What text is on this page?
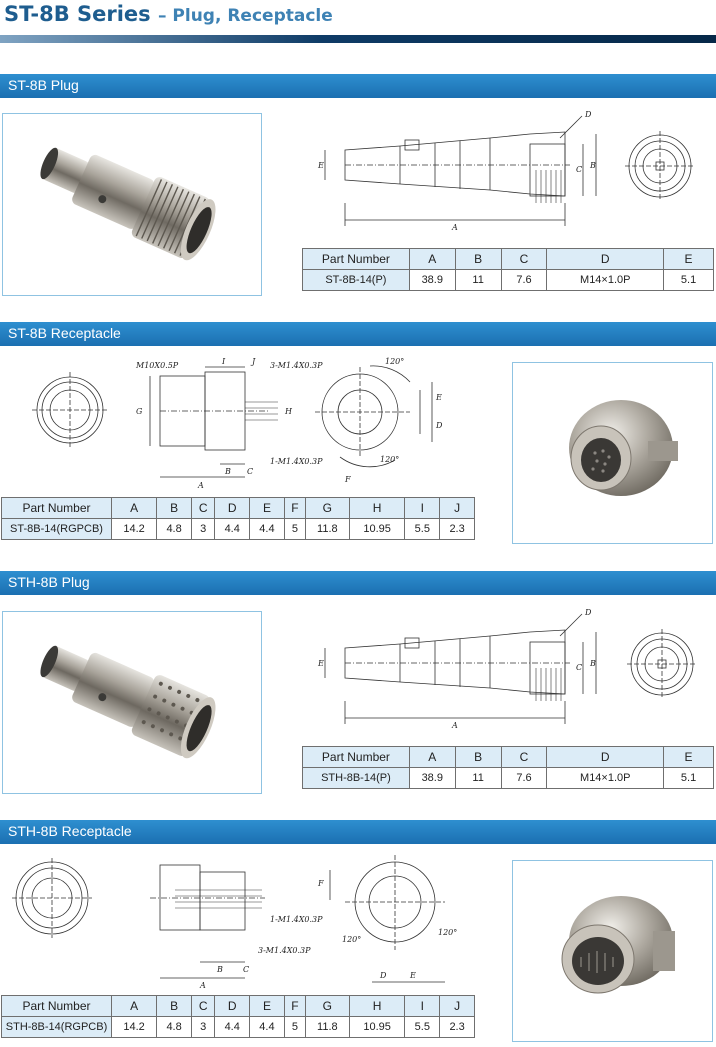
ST-8B Series – Plug, Receptacle
ST-8B Plug
D
C B
E
A
Part Number	A	B	C	D	E
ST-8B-14(P)	38.9	11	7.6	M14×1.0P	5.1
ST-8B Receptacle
M10X0.5P	I	J 3-M1.4X0.3P	120°
G	H
E
D
1-M1.4X0.3P	120°
B C
A
F
Part Number	A	B	C	D	E	F	G	H	I	J
ST-8B-14(RGPCB)	14.2	4.8	3	4.4	4.4	5	11.8	10.95	5.5	2.3
STH-8B Plug
D
C B
E
A
Part Number	A	B	C	D	E
STH-8B-14(P)	38.9	11	7.6	M14×1.0P	5.1
STH-8B Receptacle
F
1-M1.4X0.3P
120°
120°
3-M1.4X0.3P
B	C
A
D	E
Part Number	A	B	C	D	E	F	G	H	I	J
STH-8B-14(RGPCB)	14.2	4.8	3	4.4	4.4	5	11.8	10.95	5.5	2.3
